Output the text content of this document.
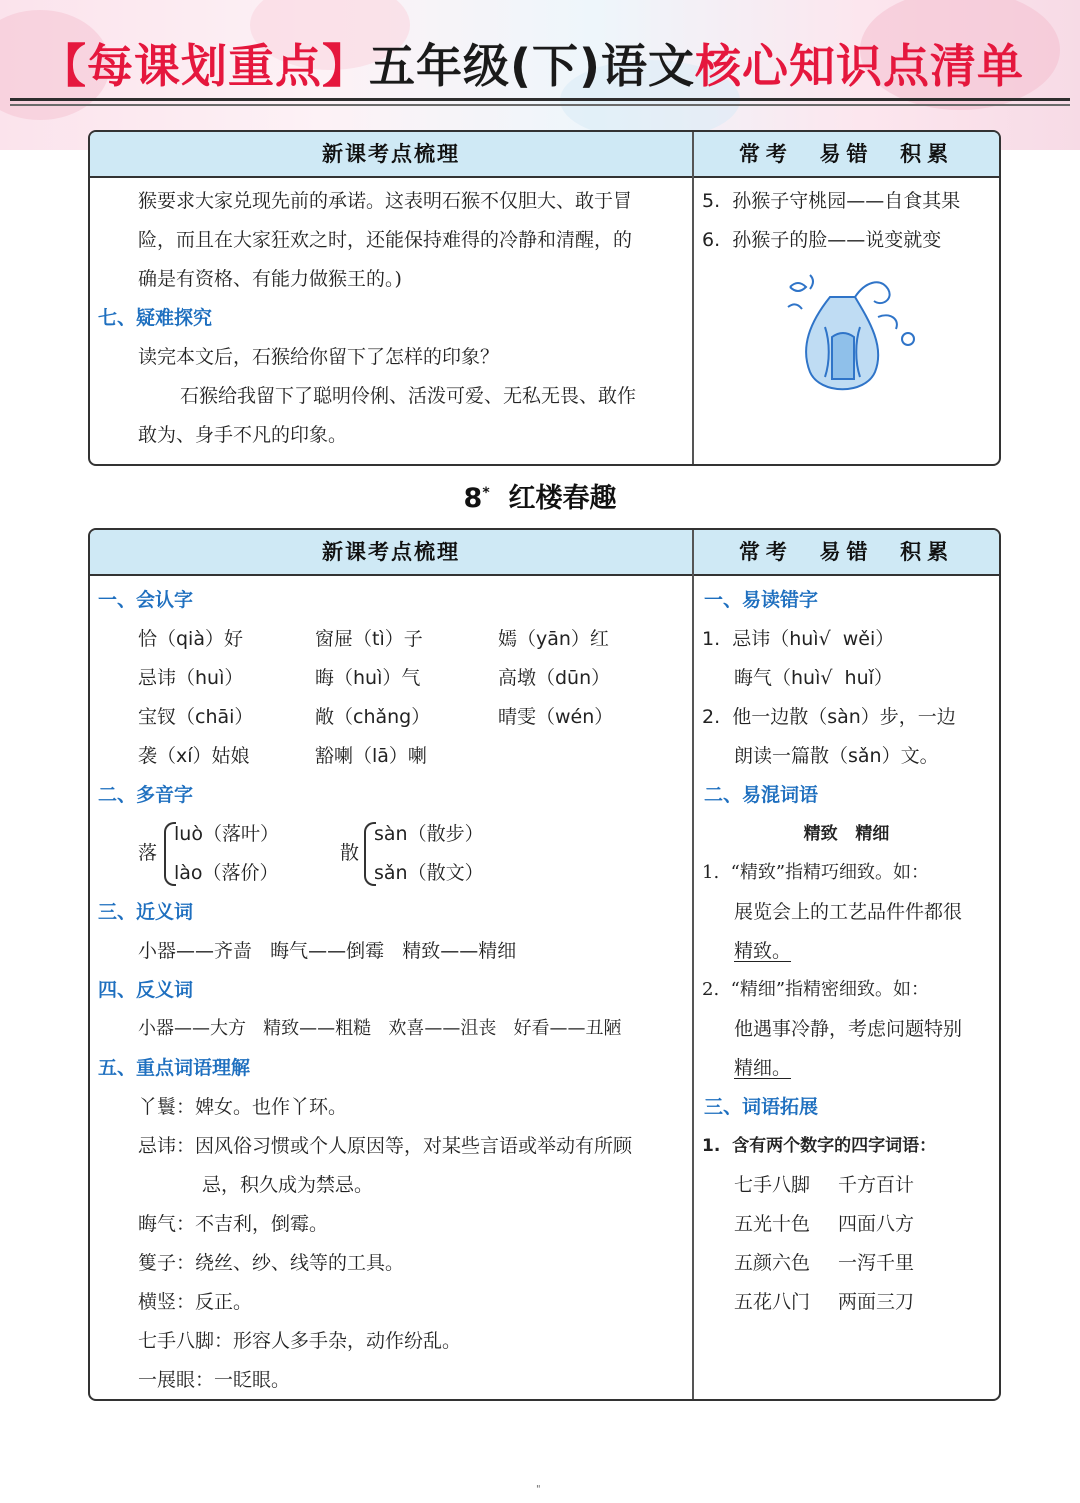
【每课划重点】五年级(下)语文核心知识点清单
新课考点梳理	常考  易错  积累
猴要求大家兑现先前的承诺。这表明石猴不仅胆大、敢于冒
险，而且在大家狂欢之时，还能保持难得的冷静和清醒，的
确是有资格、有能力做猴王的。)
七、疑难探究
读完本文后，石猴给你留下了怎样的印象？
石猴给我留下了聪明伶俐、活泼可爱、无私无畏、敢作
敢为、身手不凡的印象。
5. 孙猴子守桃园——自食其果
6. 孙猴子的脸——说变就变
8* 红楼春趣
新课考点梳理	常考  易错  积累
一、会认字
恰（qià）好	窗屉（tì）子	嫣（yān）红
忌讳（huì）	晦（huì）气	高墩（dūn）
宝钗（chāi）	敞（chǎng）	晴雯（wén）
袭（xí）姑娘	豁喇（lā）喇
二、多音字
落
luò（落叶）
lào（落价）
散
sàn（散步）
sǎn（散文）
三、近义词
小器——齐啬   晦气——倒霉   精致——精细
四、反义词
小器——大方   精致——粗糙   欢喜——沮丧   好看——丑陋
五、重点词语理解
丫鬟：婢女。也作丫环。
忌讳：因风俗习惯或个人原因等，对某些言语或举动有所顾
忌，积久成为禁忌。
晦气：不吉利，倒霉。
篗子：绕丝、纱、线等的工具。
横竖：反正。
七手八脚：形容人多手杂，动作纷乱。
一展眼：一眨眼。
一、易读错字
1.  忌讳（huì√  wěi）
晦气（huì√  huǐ）
2.  他一边散（sàn）步，一边
朗读一篇散（sǎn）文。
二、易混词语
精致   精细
1.  “精致”指精巧细致。如：
展览会上的工艺品件件都很
精致。
2.  “精细”指精密细致。如：
他遇事冷静，考虑问题特别
精细。
三、词语拓展
1.  含有两个数字的四字词语：
七手八脚 千方百计
五光十色 四面八方
五颜六色 一泻千里
五花八门 两面三刀
"
